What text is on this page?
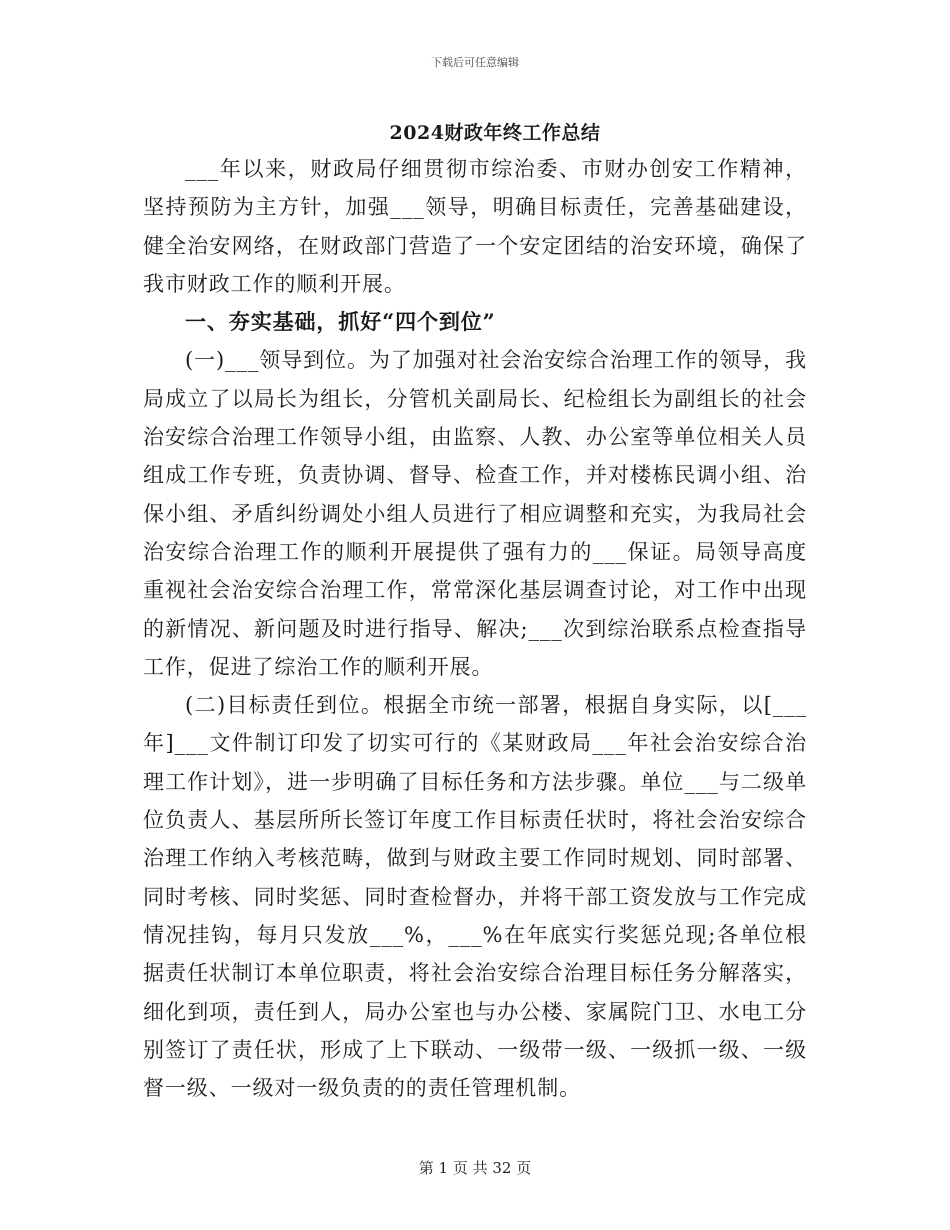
下载后可任意编辑
2024财政年终工作总结

___年以来，财政局仔细贯彻市综治委、市财办创安工作精神，坚持预防为主方针，加强___领导，明确目标责任，完善基础建设，健全治安网络，在财政部门营造了一个安定团结的治安环境，确保了我市财政工作的顺利开展。

一、夯实基础，抓好“四个到位”

(一)___领导到位。为了加强对社会治安综合治理工作的领导，我局成立了以局长为组长，分管机关副局长、纪检组长为副组长的社会治安综合治理工作领导小组，由监察、人教、办公室等单位相关人员组成工作专班，负责协调、督导、检查工作，并对楼栋民调小组、治保小组、矛盾纠纷调处小组人员进行了相应调整和充实，为我局社会治安综合治理工作的顺利开展提供了强有力的___保证。局领导高度重视社会治安综合治理工作，常常深化基层调查讨论，对工作中出现的新情况、新问题及时进行指导、解决;___次到综治联系点检查指导工作，促进了综治工作的顺利开展。

(二)目标责任到位。根据全市统一部署，根据自身实际，以[___年]___文件制订印发了切实可行的《某财政局___年社会治安综合治理工作计划》，进一步明确了目标任务和方法步骤。单位___与二级单位负责人、基层所所长签订年度工作目标责任状时，将社会治安综合治理工作纳入考核范畴，做到与财政主要工作同时规划、同时部署、同时考核、同时奖惩、同时查检督办，并将干部工资发放与工作完成情况挂钩，每月只发放___%，___%在年底实行奖惩兑现;各单位根据责任状制订本单位职责，将社会治安综合治理目标任务分解落实，细化到项，责任到人，局办公室也与办公楼、家属院门卫、水电工分别签订了责任状，形成了上下联动、一级带一级、一级抓一级、一级督一级、一级对一级负责的的责任管理机制。

第 1 页 共 32 页
